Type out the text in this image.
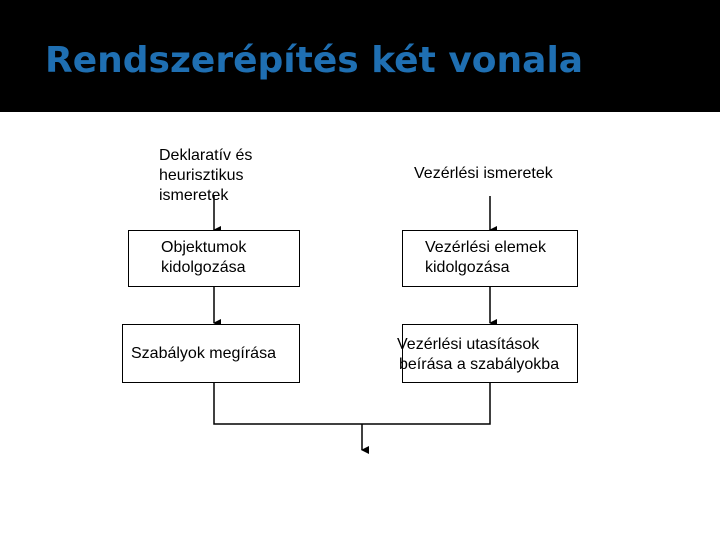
Rendszerépítés két vonala
Deklaratív és
heurisztikus
ismeretek
Objektumok
kidolgozása
Szabályok megírása
Vezérlési ismeretek
Vezérlési elemek
kidolgozása
Vezérlési utasítások
beírása a szabályokba
